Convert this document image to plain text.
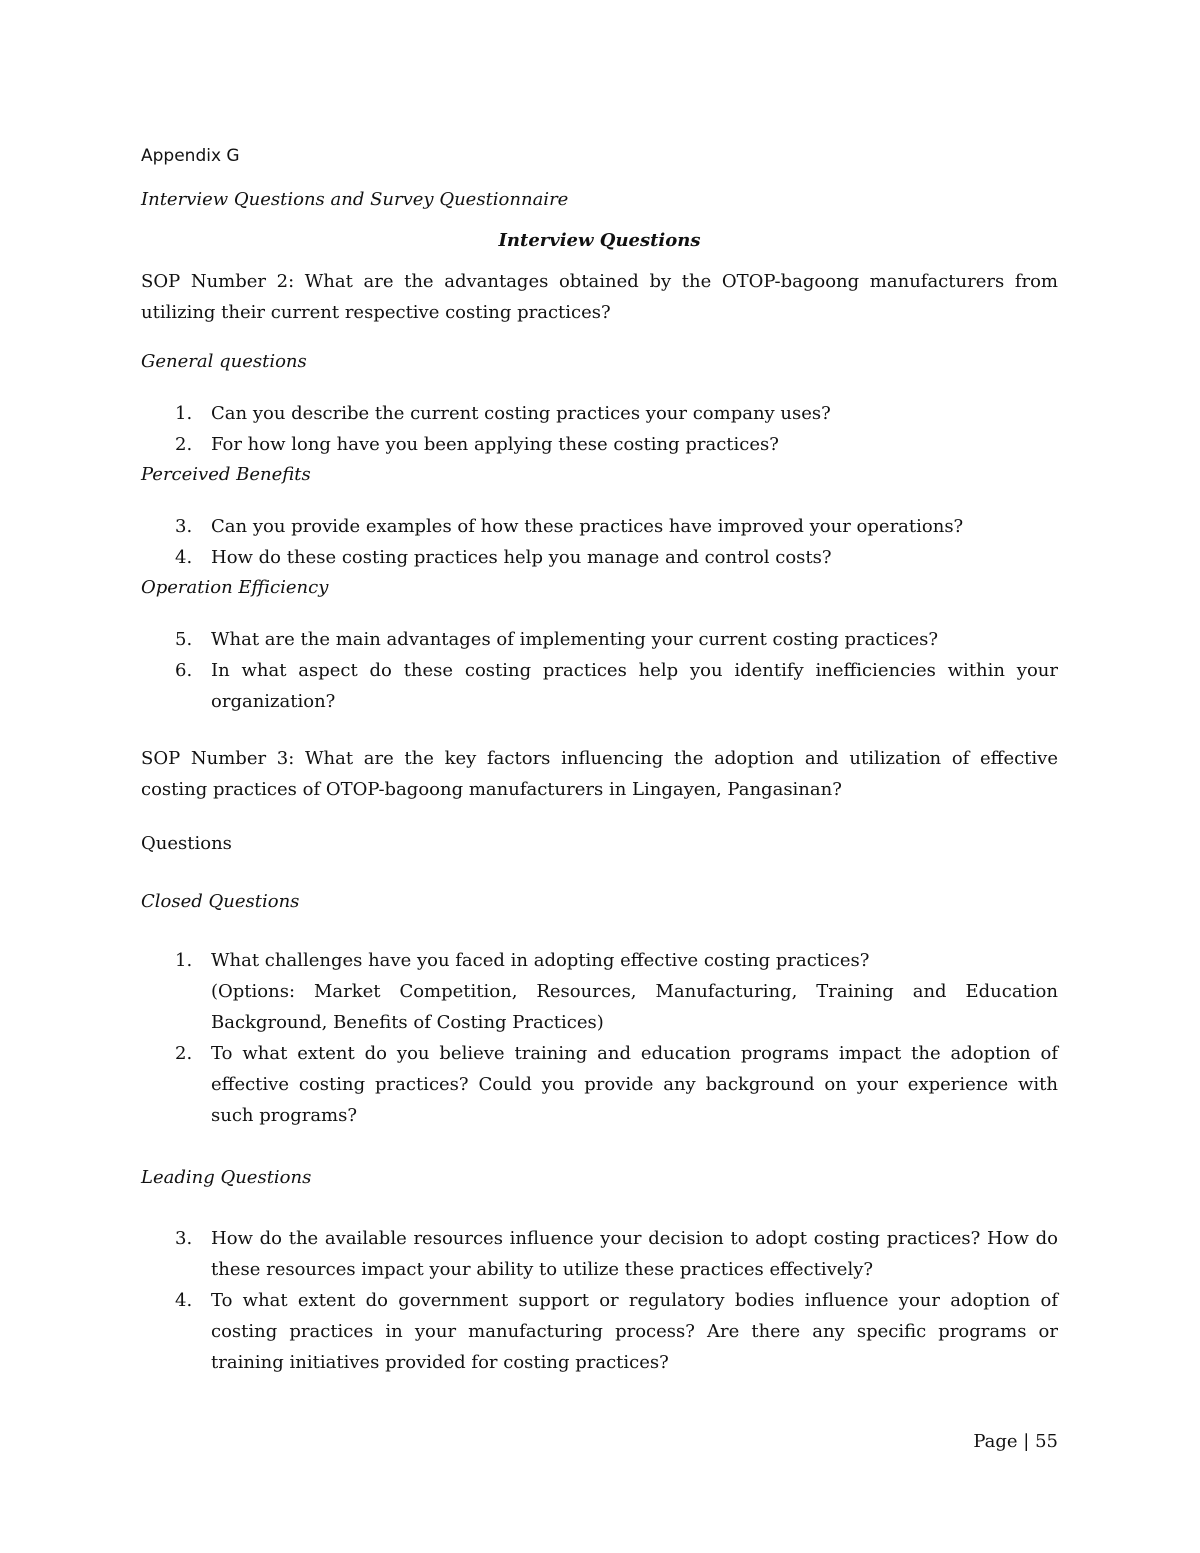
Appendix G

Interview Questions and Survey Questionnaire

Interview Questions

SOP Number 2: What are the advantages obtained by the OTOP-bagoong manufacturers from utilizing their current respective costing practices?

General questions

1.	Can you describe the current costing practices your company uses?
2.	For how long have you been applying these costing practices?

Perceived Benefits

3.	Can you provide examples of how these practices have improved your operations?
4.	How do these costing practices help you manage and control costs?

Operation Efficiency

5.	What are the main advantages of implementing your current costing practices?
6.	In what aspect do these costing practices help you identify inefficiencies within your organization?

SOP Number 3: What are the key factors influencing the adoption and utilization of effective costing practices of OTOP-bagoong manufacturers in Lingayen, Pangasinan?

Questions

Closed Questions

1.	What challenges have you faced in adopting effective costing practices?
(Options: Market Competition, Resources, Manufacturing, Training and Education Background, Benefits of Costing Practices)
2.	To what extent do you believe training and education programs impact the adoption of effective costing practices? Could you provide any background on your experience with such programs?

Leading Questions

3.	How do the available resources influence your decision to adopt costing practices? How do these resources impact your ability to utilize these practices effectively?
4.	To what extent do government support or regulatory bodies influence your adoption of costing practices in your manufacturing process? Are there any specific programs or training initiatives provided for costing practices?

Page | 55
